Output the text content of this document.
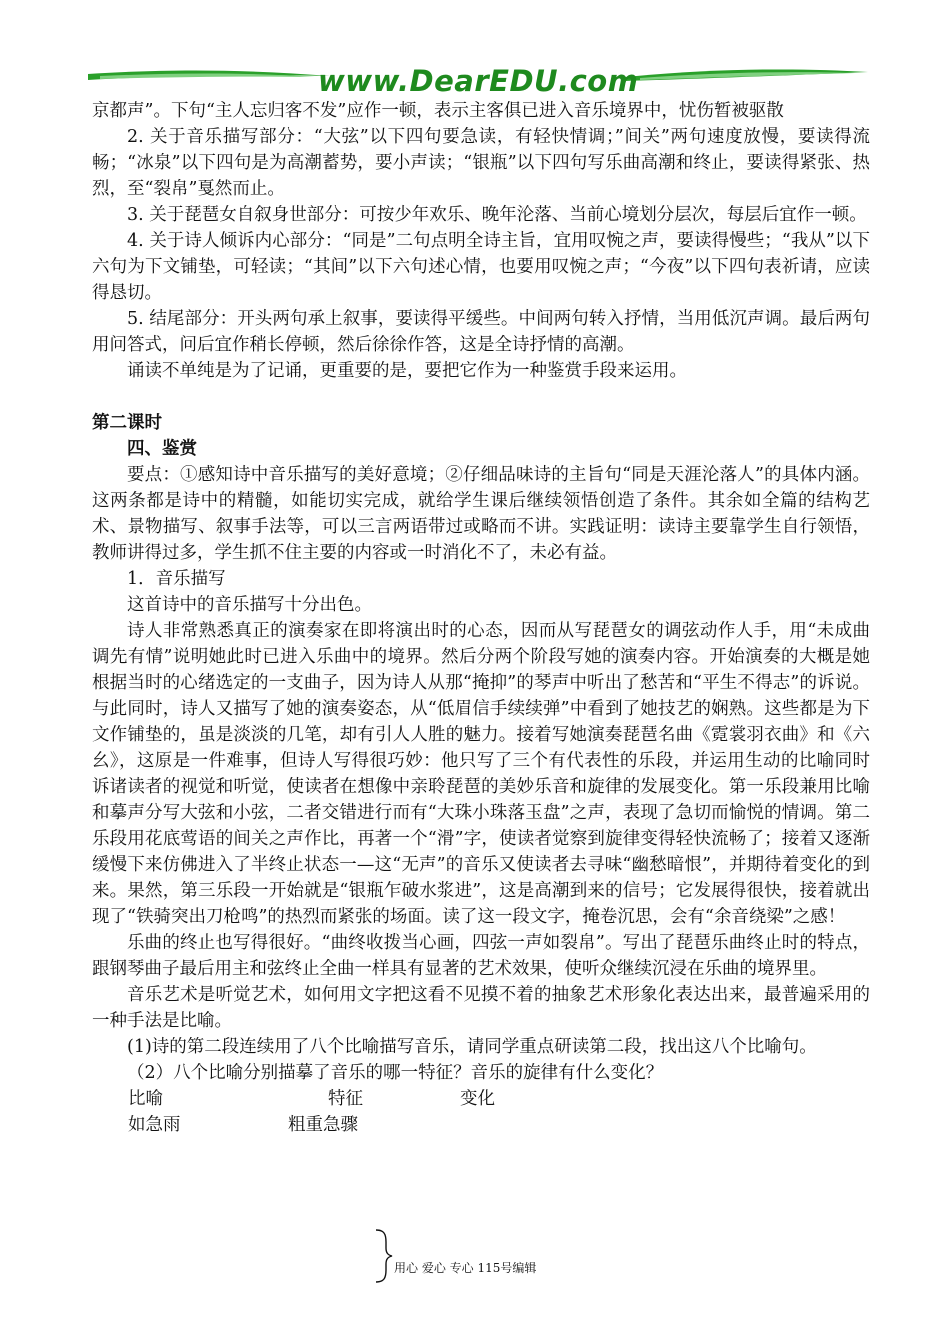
www.DearEDU.com

京都声”。下句“主人忘归客不发”应作一顿，表示主客俱已进入音乐境界中，忧伤暂被驱散

2. 关于音乐描写部分：“大弦”以下四句要急读，有轻快情调；”间关”两句速度放慢，要读得流畅；“冰泉”以下四句是为高潮蓄势，要小声读；“银瓶”以下四句写乐曲高潮和终止，要读得紧张、热烈，至“裂帛”戛然而止。

3. 关于琵琶女自叙身世部分：可按少年欢乐、晚年沦落、当前心境划分层次，每层后宜作一顿。

4. 关于诗人倾诉内心部分：“同是”二句点明全诗主旨，宜用叹惋之声，要读得慢些；“我从”以下六句为下文铺垫，可轻读；“其间”以下六句述心情，也要用叹惋之声；“今夜”以下四句表祈请，应读得恳切。

5. 结尾部分：开头两句承上叙事，要读得平缓些。中间两句转入抒情，当用低沉声调。最后两句用问答式，问后宜作稍长停顿，然后徐徐作答，这是全诗抒情的高潮。

诵读不单纯是为了记诵，更重要的是，要把它作为一种鉴赏手段来运用。

第二课时

四、鉴赏

要点：①感知诗中音乐描写的美好意境；②仔细品味诗的主旨句“同是天涯沦落人”的具体内涵。这两条都是诗中的精髓，如能切实完成，就给学生课后继续领悟创造了条件。其余如全篇的结构艺术、景物描写、叙事手法等，可以三言两语带过或略而不讲。实践证明：读诗主要靠学生自行领悟，教师讲得过多，学生抓不住主要的内容或一时消化不了，未必有益。

1．音乐描写

这首诗中的音乐描写十分出色。

诗人非常熟悉真正的演奏家在即将演出时的心态，因而从写琵琶女的调弦动作人手，用“未成曲调先有情”说明她此时已进入乐曲中的境界。然后分两个阶段写她的演奏内容。开始演奏的大概是她根据当时的心绪选定的一支曲子，因为诗人从那“掩抑”的琴声中听出了愁苦和“平生不得志”的诉说。与此同时，诗人又描写了她的演奏姿态，从“低眉信手续续弹”中看到了她技艺的娴熟。这些都是为下文作铺垫的，虽是淡淡的几笔，却有引人人胜的魅力。接着写她演奏琵琶名曲《霓裳羽衣曲》和《六幺》，这原是一件难事，但诗人写得很巧妙：他只写了三个有代表性的乐段，并运用生动的比喻同时诉诸读者的视觉和听觉，使读者在想像中亲聆琵琶的美妙乐音和旋律的发展变化。第一乐段兼用比喻和摹声分写大弦和小弦，二者交错进行而有“大珠小珠落玉盘”之声，表现了急切而愉悦的情调。第二乐段用花底莺语的间关之声作比，再著一个“滑”字，使读者觉察到旋律变得轻快流畅了；接着又逐渐缓慢下来仿佛进入了半终止状态一—这“无声”的音乐又使读者去寻味“幽愁暗恨”，并期待着变化的到来。果然，第三乐段一开始就是“银瓶乍破水浆进”，这是高潮到来的信号；它发展得很快，接着就出现了“铁骑突出刀枪鸣”的热烈而紧张的场面。读了这一段文字，掩卷沉思，会有“余音绕梁”之感！

乐曲的终止也写得很好。“曲终收拨当心画，四弦一声如裂帛”。写出了琵琶乐曲终止时的特点，跟钢琴曲子最后用主和弦终止全曲一样具有显著的艺术效果，使听众继续沉浸在乐曲的境界里。

音乐艺术是听觉艺术，如何用文字把这看不见摸不着的抽象艺术形象化表达出来，最普遍采用的一种手法是比喻。

(1)诗的第二段连续用了八个比喻描写音乐，请同学重点研读第二段，找出这八个比喻句。

（2）八个比喻分别描摹了音乐的哪一特征？音乐的旋律有什么变化？

比喻	特征	变化
如急雨	粗重急骤
用心 爱心 专心 115号编辑
